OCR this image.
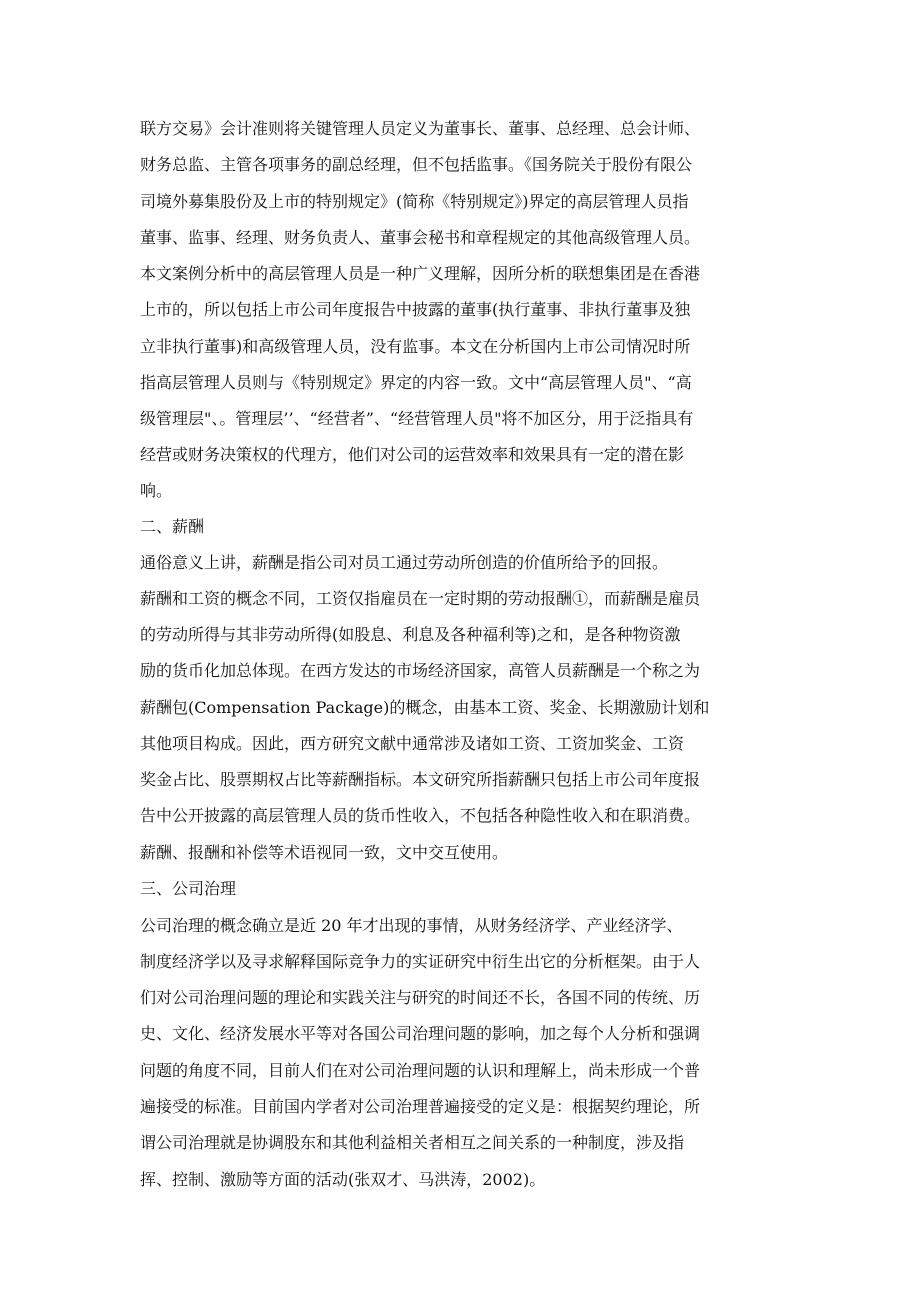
联方交易》会计准则将关键管理人员定义为董事长、董事、总经理、总会计师、
财务总监、主管各项事务的副总经理，但不包括监事。《国务院关于股份有限公
司境外募集股份及上市的特别规定》(简称《特别规定》)界定的高层管理人员指
董事、监事、经理、财务负责人、董事会秘书和章程规定的其他高级管理人员。
本文案例分析中的高层管理人员是一种广义理解，因所分析的联想集团是在香港
上市的，所以包括上市公司年度报告中披露的董事(执行董事、非执行董事及独
立非执行董事)和高级管理人员，没有监事。本文在分析国内上市公司情况时所
指高层管理人员则与《特别规定》界定的内容一致。文中“高层管理人员"、“高
级管理层"、。管理层’’、“经营者”、“经营管理人员"将不加区分，用于泛指具有
经营或财务决策权的代理方，他们对公司的运营效率和效果具有一定的潜在影
响。
二、薪酬
通俗意义上讲，薪酬是指公司对员工通过劳动所创造的价值所给予的回报。
薪酬和工资的概念不同，工资仅指雇员在一定时期的劳动报酬①，而薪酬是雇员
的劳动所得与其非劳动所得(如股息、利息及各种福利等)之和，是各种物资激
励的货币化加总体现。在西方发达的市场经济国家，高管人员薪酬是一个称之为
薪酬包(Compensation Package)的概念，由基本工资、奖金、长期激励计划和
其他项目构成。因此，西方研究文献中通常涉及诸如工资、工资加奖金、工资
奖金占比、股票期权占比等薪酬指标。本文研究所指薪酬只包括上市公司年度报
告中公开披露的高层管理人员的货币性收入，不包括各种隐性收入和在职消费。
薪酬、报酬和补偿等术语视同一致，文中交互使用。
三、公司治理
公司治理的概念确立是近 20 年才出现的事情，从财务经济学、产业经济学、
制度经济学以及寻求解释国际竞争力的实证研究中衍生出它的分析框架。由于人
们对公司治理问题的理论和实践关注与研究的时间还不长，各国不同的传统、历
史、文化、经济发展水平等对各国公司治理问题的影响，加之每个人分析和强调
问题的角度不同，目前人们在对公司治理问题的认识和理解上，尚未形成一个普
遍接受的标准。目前国内学者对公司治理普遍接受的定义是：根据契约理论，所
谓公司治理就是协调股东和其他利益相关者相互之间关系的一种制度，涉及指
挥、控制、激励等方面的活动(张双才、马洪涛，2002)。
